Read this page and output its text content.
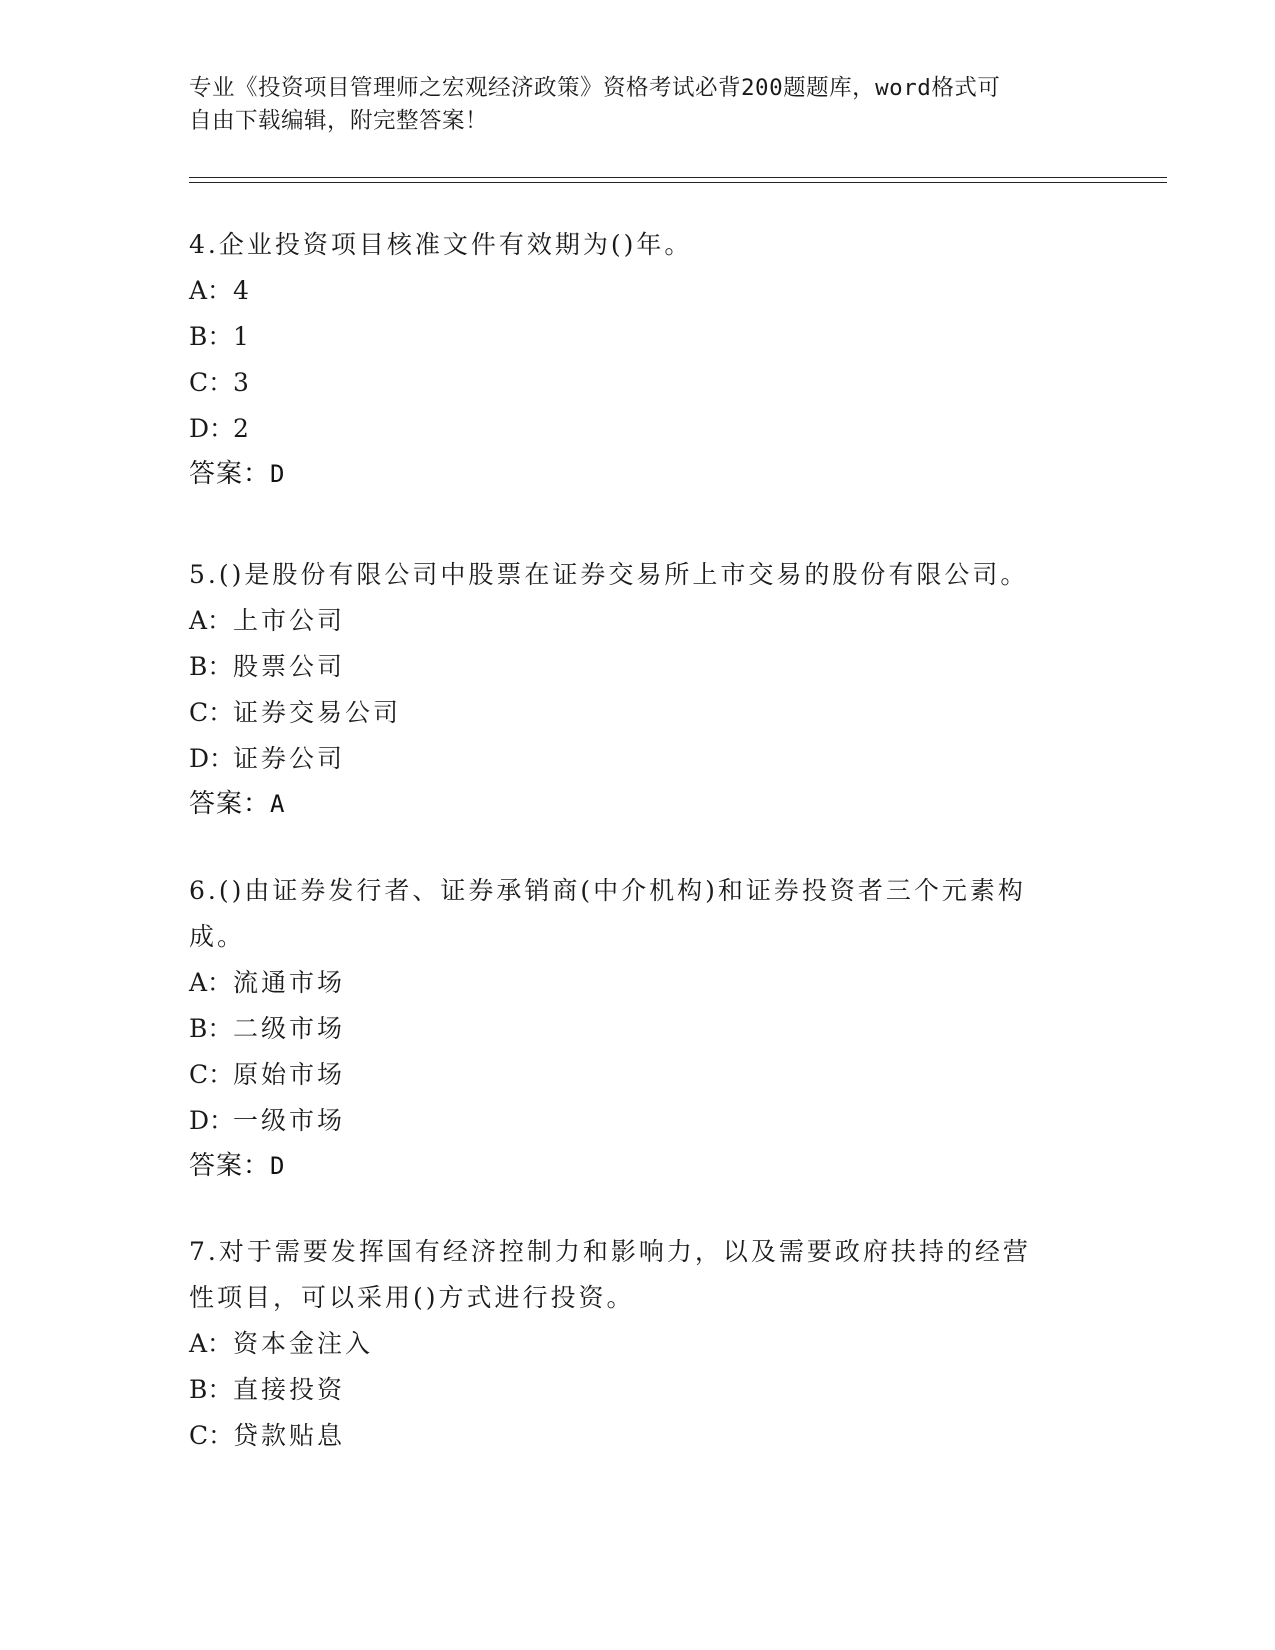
专业《投资项目管理师之宏观经济政策》资格考试必背200题题库，word格式可
自由下载编辑，附完整答案！
4.企业投资项目核准文件有效期为()年。
A：4
B：1
C：3
D：2
答案：D
5.()是股份有限公司中股票在证券交易所上市交易的股份有限公司。
A：上市公司
B：股票公司
C：证券交易公司
D：证券公司
答案：A
6.()由证券发行者、证券承销商(中介机构)和证券投资者三个元素构
成。
A：流通市场
B：二级市场
C：原始市场
D：一级市场
答案：D
7.对于需要发挥国有经济控制力和影响力，以及需要政府扶持的经营
性项目，可以采用()方式进行投资。
A：资本金注入
B：直接投资
C：贷款贴息
